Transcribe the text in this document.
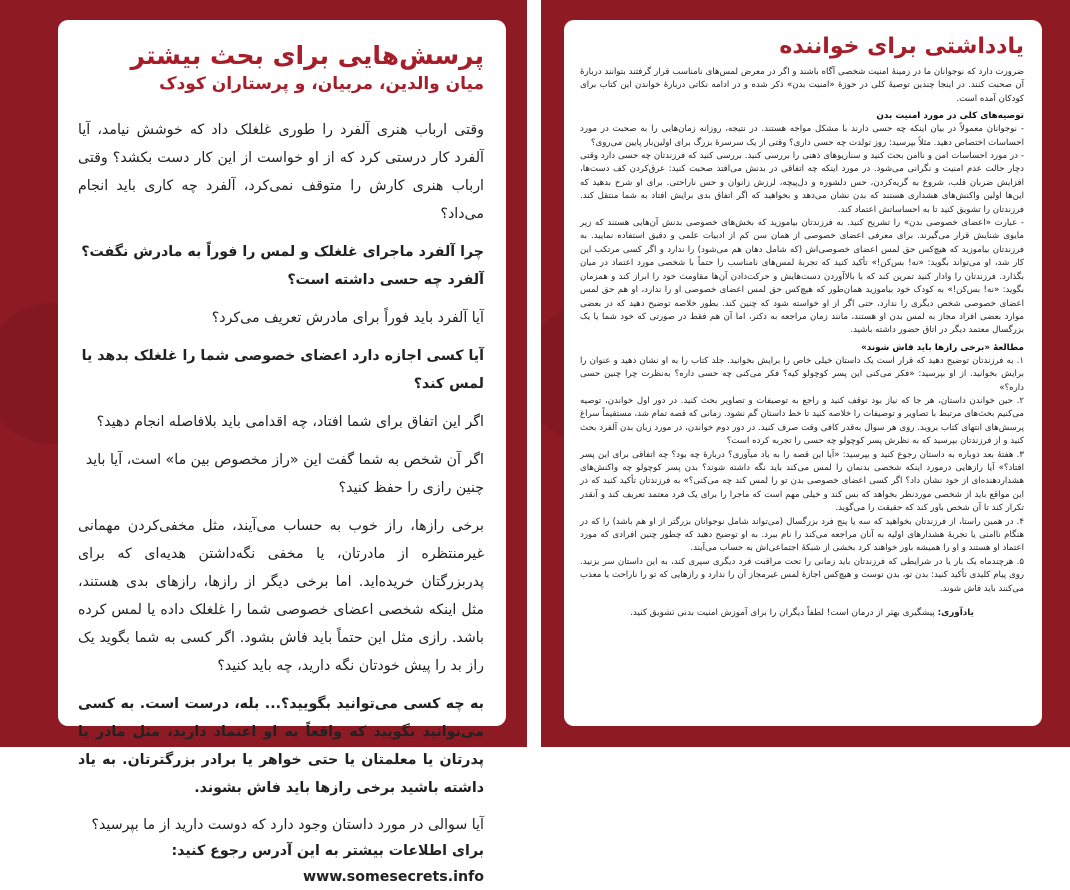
پرسش‌هایی برای بحث بیشتر
میان والدین، مربیان، و پرستاران کودک

وقتی ارباب هنری آلفرد را طوری غلغلک داد که خوشش نیامد، آیا آلفرد کار درستی کرد که از او خواست از این کار دست بکشد؟ وقتی ارباب هنری کارش را متوقف نمی‌کرد، آلفرد چه کاری باید انجام می‌داد؟

چرا آلفرد ماجرای غلغلک و لمس را فوراً به مادرش نگفت؟ آلفرد چه حسی داشته است؟

آیا آلفرد باید فوراً برای مادرش تعریف می‌کرد؟

آیا کسی اجازه دارد اعضای خصوصی شما را غلغلک بدهد یا لمس کند؟

اگر این اتفاق برای شما افتاد، چه اقدامی باید بلافاصله انجام دهید؟

اگر آن شخص به شما گفت این «راز مخصوص بین ما» است، آیا باید چنین رازی را حفظ کنید؟

برخی رازها، راز خوب به حساب می‌آیند، مثل مخفی‌کردن مهمانی غیرمنتظره از مادرتان، یا مخفی نگه‌داشتن هدیه‌ای که برای پدربزرگتان خریده‌اید. اما برخی دیگر از رازها، رازهای بدی هستند، مثل اینکه شخصی اعضای خصوصی شما را غلغلک داده یا لمس کرده باشد. رازی مثل این حتماً باید فاش بشود. اگر کسی به شما بگوید یک راز بد را پیش خودتان نگه دارید، چه باید کنید؟

به چه کسی می‌توانید بگویید؟... بله، درست است. به کسی می‌توانید بگویید که واقعاً به او اعتماد دارید، مثل مادر یا پدرتان یا معلمتان یا حتی خواهر یا برادر بزرگترتان. به یاد داشته باشید برخی رازها باید فاش بشوند.

آیا سوالی در مورد داستان وجود دارد که دوست دارید از ما بپرسید؟
برای اطلاعات بیشتر به این آدرس رجوع کنید: www.somesecrets.info
یادداشتی برای خواننده

ضرورت دارد که نوجوانان ما در زمینهٔ امنیت شخصی آگاه باشند و اگر در معرض لمس‌های نامناسب قرار گرفتند بتوانند دربارهٔ آن صحبت کنند. در اینجا چندین توصیهٔ کلی در حوزهٔ «امنیت بدن» ذکر شده و در ادامه نکاتی دربارهٔ خواندن این کتاب برای کودکان آمده است.

توصیه‌های کلی در مورد امنیت بدن

- نوجوانان معمولاً در بیان اینکه چه حسی دارند با مشکل مواجه هستند. در نتیجه، روزانه زمان‌هایی را به صحبت در مورد احساسات اختصاص دهید. مثلاً بپرسید: روز تولدت چه حسی داری؟ وقتی از یک سرسرهٔ بزرگ برای اولین‌بار پایین می‌روی؟

- در مورد احساسات امن و ناامن بحث کنید و سناریوهای ذهنی را بررسی کنید. بررسی کنید که فرزندتان چه حسی دارد وقتی دچار حالت عدم امنیت و نگرانی می‌شود. در مورد اینکه چه اتفاقی در بدنش می‌افتد صحبت کنید: عرق‌کردن کف دست‌ها، افزایش ضربان قلب، شروع به گریه‌کردن، حس دلشوره و دل‌پیچه، لرزش زانوان و حس ناراحتی. برای او شرح بدهید که این‌ها اولین واکنش‌های هشداری هستند که بدن نشان می‌دهد و بخواهید که اگر اتفاق بدی برایش افتاد به شما منتقل کند. فرزندتان را تشویق کنید تا به احساساتش اعتماد کند.

- عبارت «اعضای خصوصی بدن» را تشریح کنید. به فرزندتان بیاموزید که بخش‌های خصوصی بدنش آن‌هایی هستند که زیر مایوی شنایش قرار می‌گیرند. برای معرفی اعضای خصوصی از همان سن کم از ادبیات علمی و دقیق استفاده نمایید. به فرزندتان بیاموزید که هیچ‌کس حق لمس اعضای خصوصی‌اش (که شامل دهان هم می‌شود) را ندارد و اگر کسی مرتکب این کار شد، او می‌تواند بگوید: «نه! بس‌کن!» تأکید کنید که تجربهٔ لمس‌های نامناسب را حتماً با شخصی مورد اعتماد در میان بگذارد. فرزندتان را وادار کنید تمرین کند که با بالاآوردن دست‌هایش و حرکت‌دادن آن‌ها مقاومت خود را ابراز کند و همزمان بگوید: «نه! بس‌کن!» به کودک خود بیاموزید همان‌طور که هیچ‌کس حق لمس اعضای خصوصی او را ندارد، او هم حق لمس اعضای خصوصی شخص دیگری را ندارد، حتی اگر از او خواسته شود که چنین کند. بطور خلاصه توضیح دهید که در بعضی موارد بعضی افراد مجاز به لمس بدن او هستند، مانند زمان مراجعه به دکتر، اما آن هم فقط در صورتی که خود شما یا یک بزرگسال معتمد دیگر در اتاق حضور داشته باشید.

مطالعهٔ «برخی رازها باید فاش شوند»

۱. به فرزندتان توضیح دهید که قرار است یک داستان خیلی خاص را برایش بخوانید. جلد کتاب را به او نشان دهید و عنوان را برایش بخوانید. از او بپرسید: «فکر می‌کنی این پسر کوچولو کیه؟ فکر می‌کنی چه حسی داره؟ به‌نظرت چرا چنین حسی داره؟»

۲. حین خواندن داستان، هر جا که نیاز بود توقف کنید و راجع به توصیفات و تصاویر بحث کنید. در دور اول خواندن، توصیه می‌کنیم بحث‌های مرتبط با تصاویر و توصیفات را خلاصه کنید تا خط داستان گم نشود. زمانی که قصه تمام شد، مستقیماً سراغ پرسش‌های انتهای کتاب بروید. روی هر سوال به‌قدر کافی وقت صرف کنید. در دور دوم خواندن، در مورد زبان بدن آلفرد بحث کنید و از فرزندتان بپرسید که به نظرش پسر کوچولو چه حسی را تجربه کرده است؟

۳. هفتهٔ بعد دوباره به داستان رجوع کنید و بپرسید: «آیا این قصه را به یاد میآوری؟ دربارهٔ چه بود؟ چه اتفاقی برای این پسر افتاد؟» آیا رازهایی درمورد اینکه شخصی بدنمان را لمس می‌کند باید نگه داشته شوند؟ بدن پسر کوچولو چه واکنش‌های هشداردهنده‌ای از خود نشان داد؟ اگر کسی اعضای خصوصی بدن تو را لمس کند چه می‌کنی؟» به فرزندتان تأکید کنید که در این مواقع باید از شخصی موردنظر بخواهد که بس کند و خیلی مهم است که ماجرا را برای یک فرد معتمد تعریف کند و آنقدر تکرار کند تا آن شخص باور کند که حقیقت را می‌گوید.

۴. در همین راستا، از فرزندتان بخواهید که سه یا پنج فرد بزرگسال (می‌تواند شامل نوجوانان بزرگتر از او هم باشد) را که در هنگام ناامنی یا تجربهٔ هشدارهای اولیه به آنان مراجعه می‌کند را نام ببرد. به او توضیح دهید که چطور چنین افرادی که مورد اعتماد او هستند و او را همیشه باور خواهند کرد بخشی از شبکهٔ اجتماعی‌اش به حساب می‌آیند.

۵. هرچندماه یک بار یا در شرایطی که فرزندتان باید زمانی را تحت مراقبت فرد دیگری سپری کند، به این داستان سر بزنید. روی پیام کلیدی تأکید کنید: بدن تو، بدن توست و هیچ‌کس اجازهٔ لمس غیرمجاز آن را ندارد و رازهایی که تو را ناراحت یا معذب می‌کنند باید فاش شوند.

یادآوری: پیشگیری بهتر از درمان است! لطفاً دیگران را برای آموزش امنیت بدنی تشویق کنید.
